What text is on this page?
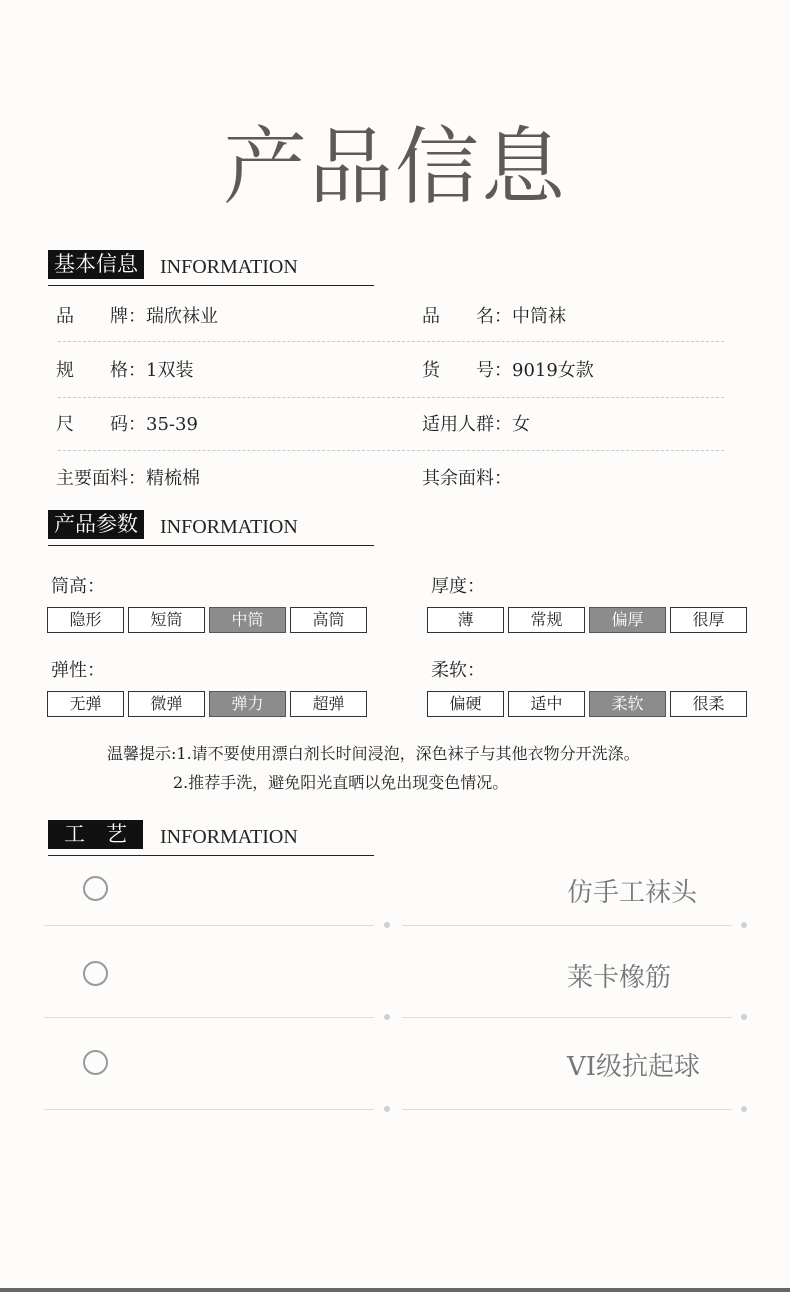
产品信息
基本信息	INFORMATION
品　　牌：瑞欣袜业	品　　名：中筒袜
规　　格：1双装	货　　号：9019女款
尺　　码：35-39	适用人群：女
主要面料：精梳棉	其余面料：
产品参数	INFORMATION
筒高：
隐形	短筒	中筒	高筒
厚度：
薄	常规	偏厚	很厚
弹性：
无弹	微弹	弹力	超弹
柔软：
偏硬	适中	柔软	很柔
温馨提示:1.请不要使用漂白剂长时间浸泡，深色袜子与其他衣物分开洗涤。
2.推荐手洗，避免阳光直晒以免出现变色情况。
工　艺	INFORMATION
仿手工袜头
莱卡橡筋
VI级抗起球
